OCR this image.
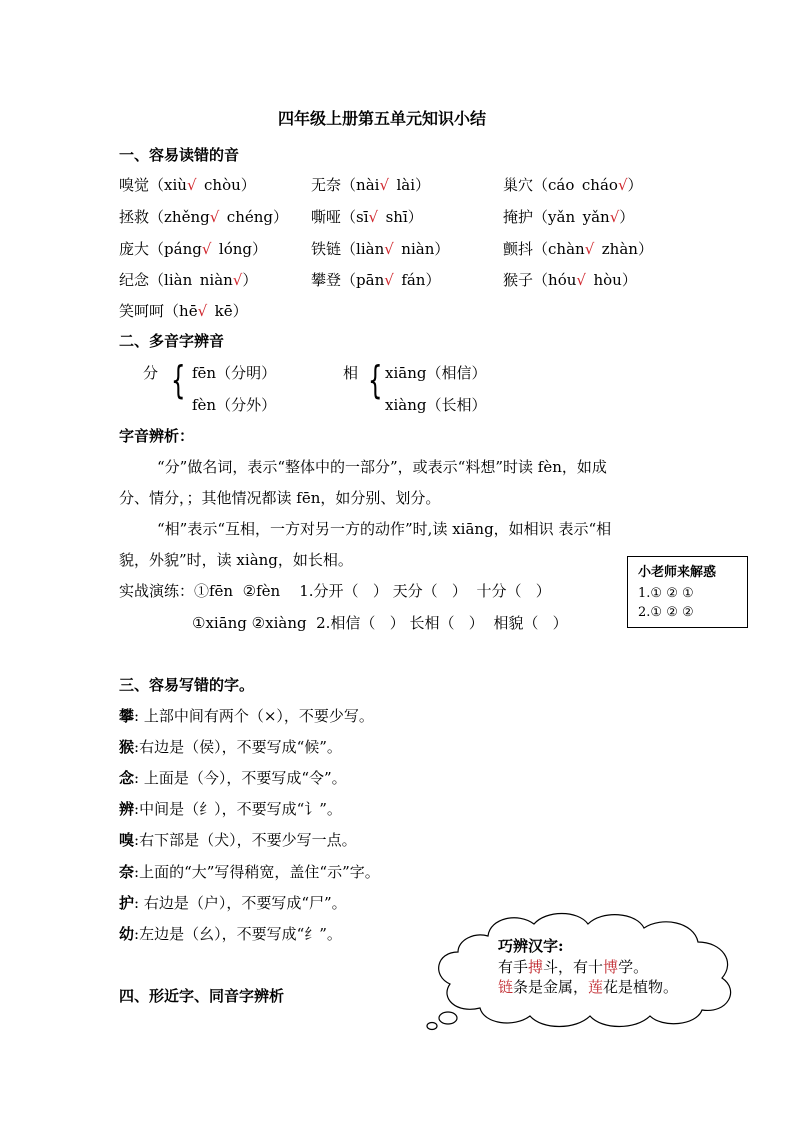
四年级上册第五单元知识小结
一、容易读错的音
嗅觉（xiù√  chòu）	无奈（nài√  lài）	巢穴（cáo  cháo√）
拯救（zhěng√  chéng） 嘶哑（sī√  shī）	掩护（yǎn  yǎn√）
庞大（páng√  lóng）	铁链（liàn√  niàn）	颤抖（chàn√  zhàn）
纪念（liàn  niàn√）	攀登（pān√  fán）	猴子（hóu√  hòu）
笑呵呵（hē√  kē）
二、多音字辨音
分 { fēn（分明）
fèn（分外）
相 { xiāng（相信）
xiàng（长相）
字音辨析：
“分”做名词，表示“整体中的一部分”，或表示“料想”时读 fèn，如成
分、情分，；其他情况都读 fēn，如分别、划分。
“相”表示“互相，一方对另一方的动作”时,读 xiāng，如相识 表示“相
貌，外貌”时，读 xiàng，如长相。
实战演练：①fēn  ②fèn    1.分开（   ） 天分（   ）  十分（   ）
①xiāng ②xiàng  2.相信（   ） 长相（   ）  相貌（   ）
小老师来解惑
1.① ② ①
2.① ② ②
三、容易写错的字。
攀: 上部中间有两个（×），不要少写。
猴:右边是（侯），不要写成“候”。
念: 上面是（今），不要写成“令”。
辨:中间是（纟），不要写成“讠”。
嗅:右下部是（犬），不要少写一点。
奈:上面的“大”写得稍宽，盖住“示”字。
护: 右边是（户），不要写成“尸”。
幼:左边是（幺），不要写成“纟”。
巧辨汉字:
有手搏斗，有十博学。
链条是金属，莲花是植物。
四、形近字、同音字辨析
